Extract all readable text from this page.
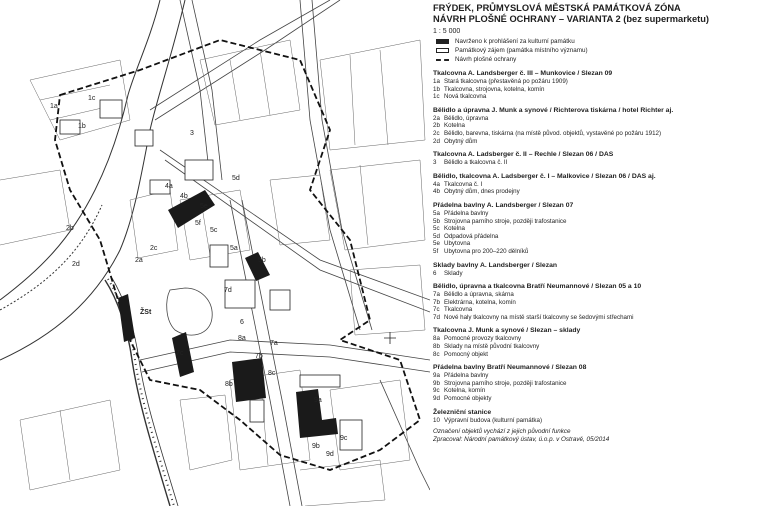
1a
1b
1c
2a
2b
2c
2d
3
4a
4b
5a
5b
5c
5d
5e
5f
6
7a
7b
7c
7d
8a
8b
8c
9a
9b
9c
9d
ŽSt
FRÝDEK, PRŮMYSLOVÁ MĚSTSKÁ PAMÁTKOVÁ ZÓNA
NÁVRH PLOŠNÉ OCHRANY – VARIANTA 2 (bez supermarketu)
1 : 5 000
Navrženo k prohlášení za kulturní památku
Památkový zájem (památka místního významu)
Návrh plošné ochrany
Tkalcovna A. Landsberger č. III – Munkovice / Slezan 09
1a Stará tkalcovna (přestavěná po požáru 1909)
1b Tkalcovna, strojovna, kotelna, komín
1c Nová tkalcovna
Bělidlo a úpravna J. Munk a synové / Richterova tiskárna / hotel Richter aj.
2a Bělidlo, úpravna
2b Kotelna
2c Bělidlo, barevna, tiskárna (na místě původ. objektů, vystavěné po požáru 1912)
2d Obytný dům
Tkalcovna A. Ladsberger č. II – Rechle / Slezan 06 / DAS
3 Bělidlo a tkalcovna č. II
Bělidlo, tkalcovna A. Ladsberger č. I – Malkovice / Slezan 06 / DAS aj.
4a Tkalcovna č. I
4b Obytný dům, dnes prodejny
Přádelna bavlny A. Landsberger / Slezan 07
5a Přádelna bavlny
5b Strojovna parního stroje, později trafostanice
5c Kotelna
5d Odpadová přádelna
5e Ubytovna
5f Ubytovna pro 200–220 dělníků
Sklady bavlny A. Landsberger / Slezan
6 Sklady
Bělidlo, úpravna a tkalcovna Bratří Neumannové / Slezan 05 a 10
7a Bělidlo a úpravna, skárna
7b Elektrárna, kotelna, komín
7c Tkalcovna
7d Nové haly tkalcovny na místě starší tkalcovny se šedovými střechami
Tkalcovna J. Munk a synové / Slezan – sklady
8a Pomocné provozy tkalcovny
8b Sklady na místě původní tkalcovny
8c Pomocný objekt
Přádelna bavlny Bratří Neumannové / Slezan 08
9a Přádelna bavlny
9b Strojovna parního stroje, později trafostanice
9c Kotelna, komín
9d Pomocné objekty
Železniční stanice
10 Výpravní budova (kulturní památka)
Označení objektů vychází z jejich původní funkce
Zpracoval: Národní památkový ústav, ú.o.p. v Ostravě, 05/2014
